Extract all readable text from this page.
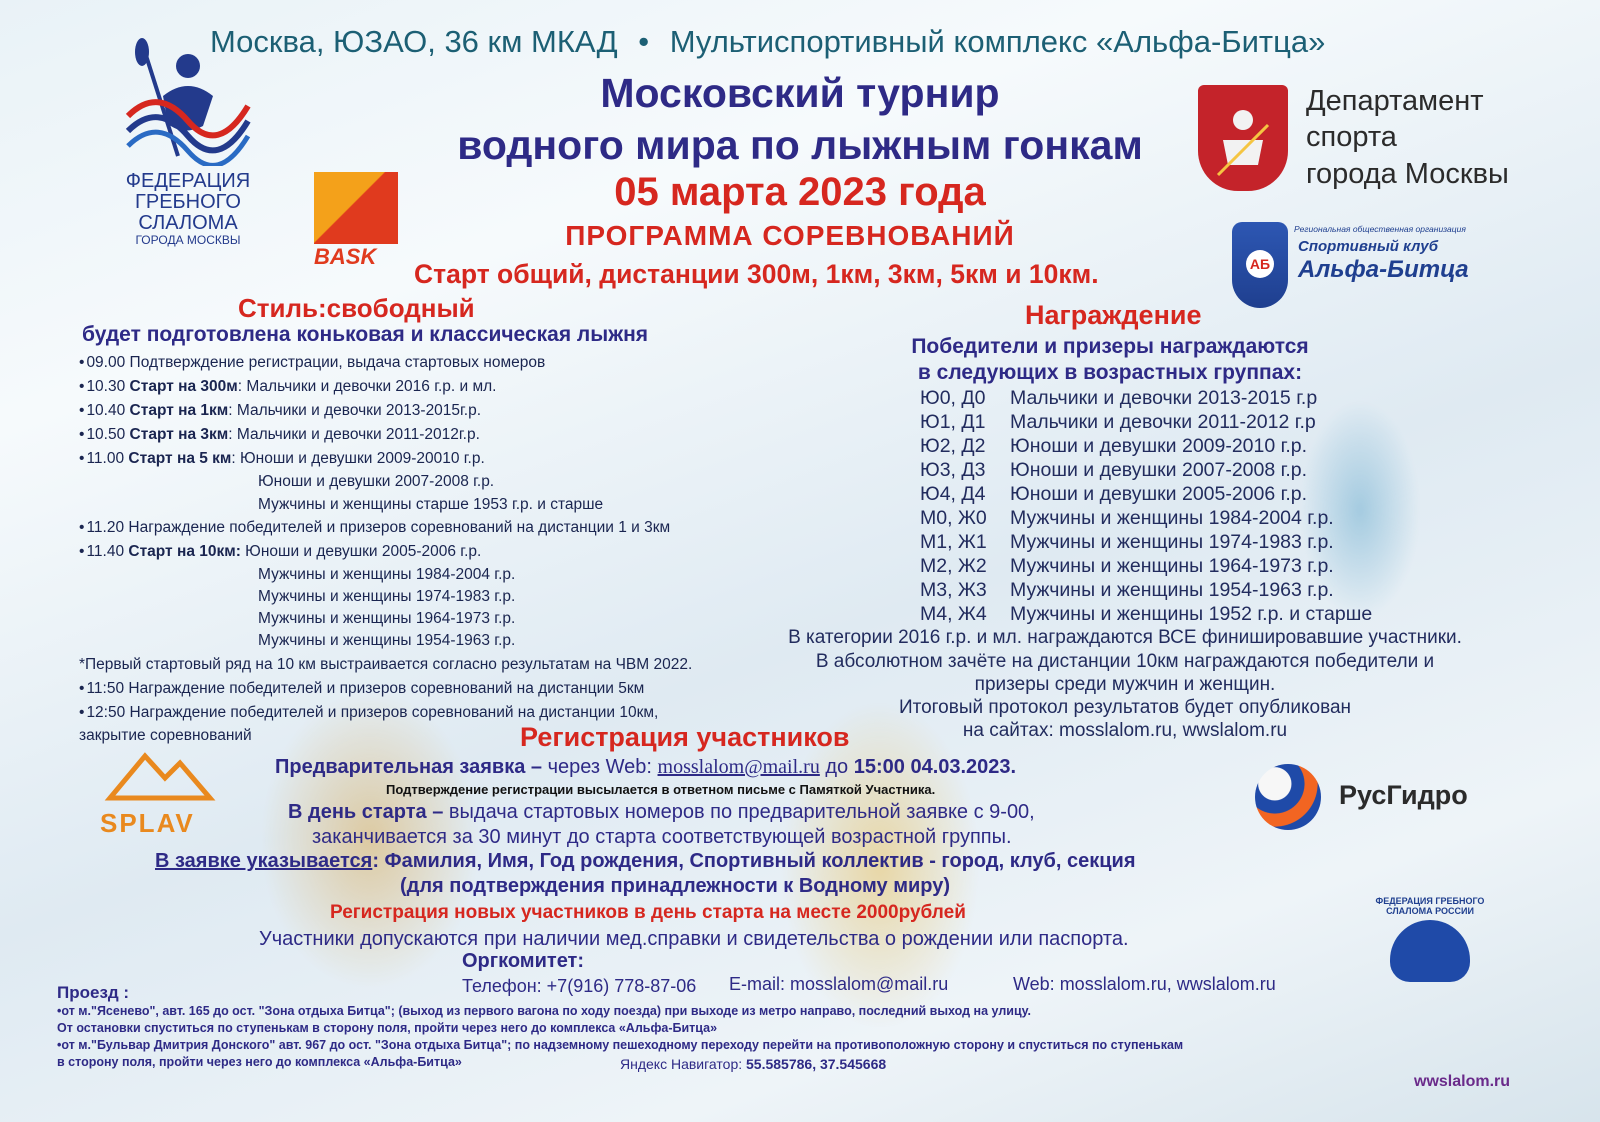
Москва, ЮЗАО, 36 км МКАД • Мультиспортивный комплекс «Альфа-Битца»
Московский турнир
водного мира по лыжным гонкам
05 марта 2023 года
ПРОГРАММА СОРЕВНОВАНИЙ
Старт общий, дистанции 300м, 1км, 3км, 5км и 10км.
ФЕДЕРАЦИЯ
ГРЕБНОГО
СЛАЛОМА
ГОРОДА МОСКВЫ
BASK
Департамент
спорта
города Москвы
АБ
Региональная общественная организация
Спортивный клуб
Альфа-Битца
Стиль:свободный
будет подготовлена коньковая и классическая лыжня
• 09.00 Подтверждение регистрации, выдача стартовых номеров
• 10.30 Старт на 300м: Мальчики и девочки 2016 г.р. и мл.
• 10.40 Старт на 1км: Мальчики и девочки 2013-2015г.р.
• 10.50 Старт на 3км: Мальчики и девочки 2011-2012г.р.
• 11.00 Старт на 5 км: Юноши и девушки 2009-20010 г.р.
Юноши и девушки 2007-2008 г.р.
Мужчины и женщины старше 1953 г.р. и старше
• 11.20 Награждение победителей и призеров соревнований на дистанции 1 и 3км
• 11.40 Старт на 10км: Юноши и девушки 2005-2006 г.р.
Мужчины и женщины 1984-2004 г.р.
Мужчины и женщины 1974-1983 г.р.
Мужчины и женщины 1964-1973 г.р.
Мужчины и женщины 1954-1963 г.р.
*Первый стартовый ряд на 10 км выстраивается согласно результатам на ЧВМ 2022.
• 11:50 Награждение победителей и призеров соревнований на дистанции 5км
• 12:50 Награждение победителей и призеров соревнований на дистанции 10км,
закрытие соревнований
Награждение
Победители и призеры награждаются
в следующих в возрастных группах:
Ю0, Д0 Мальчики и девочки 2013-2015 г.р
Ю1, Д1 Мальчики и девочки 2011-2012 г.р
Ю2, Д2 Юноши и девушки 2009-2010 г.р.
Ю3, Д3 Юноши и девушки 2007-2008 г.р.
Ю4, Д4 Юноши и девушки 2005-2006 г.р.
М0, Ж0 Мужчины и женщины 1984-2004 г.р.
М1, Ж1 Мужчины и женщины 1974-1983 г.р.
М2, Ж2 Мужчины и женщины 1964-1973 г.р.
М3, Ж3 Мужчины и женщины 1954-1963 г.р.
М4, Ж4 Мужчины и женщины 1952 г.р. и старше
В категории 2016 г.р. и мл. награждаются ВСЕ финишировавшие участники.
В абсолютном зачёте на дистанции 10км награждаются победители и
призеры среди мужчин и женщин.
Итоговый протокол результатов будет опубликован
на сайтах: mosslalom.ru, wwslalom.ru
Регистрация участников
Предварительная заявка – через Web: mosslalom@mail.ru до 15:00 04.03.2023.
Подтверждение регистрации высылается в ответном письме с Памяткой Участника.
В день старта – выдача стартовых номеров по предварительной заявке с 9-00,
заканчивается за 30 минут до старта соответствующей возрастной группы.
В заявке указывается: Фамилия, Имя, Год рождения, Спортивный коллектив - город, клуб, секция
(для подтверждения принадлежности к Водному миру)
Регистрация новых участников в день старта на месте 2000рублей
Участники допускаются при наличии мед.справки и свидетельства о рождении или паспорта.
Оргкомитет:
Телефон: +7(916) 778-87-06 E-mail: mosslalom@mail.ru	Web: mosslalom.ru, wwslalom.ru
SPLAV
РусГидро
ФЕДЕРАЦИЯ ГРЕБНОГО СЛАЛОМА РОССИИ
Проезд :
•от м."Ясенево", авт. 165 до ост. "Зона отдыха Битца"; (выход из первого вагона по ходу поезда) при выходе из метро направо, последний выход на улицу.
От остановки спуститься по ступенькам в сторону поля, пройти через него до комплекса «Альфа-Битца»
•от м."Бульвар Дмитрия Донского" авт. 967 до ост. "Зона отдыха Битца"; по надземному пешеходному переходу перейти на противоположную сторону и спуститься по ступенькам
в сторону поля, пройти через него до комплекса «Альфа-Битца»	Яндекс Навигатор: 55.585786, 37.545668
wwslalom.ru
